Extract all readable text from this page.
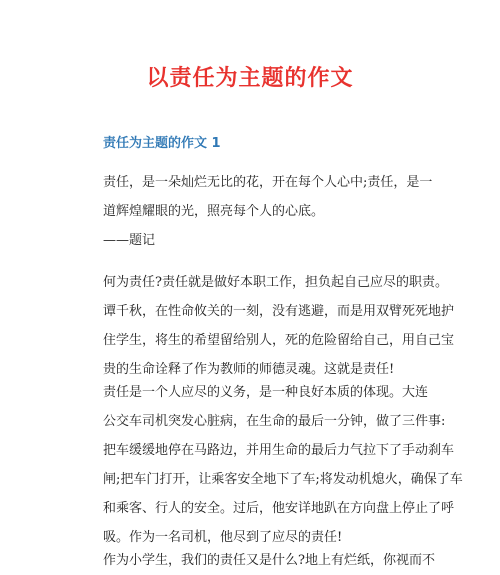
以责任为主题的作文
责任为主题的作文 1
责任，是一朵灿烂无比的花，开在每个人心中;责任，是一
道辉煌耀眼的光，照亮每个人的心底。
——题记
何为责任?责任就是做好本职工作，担负起自己应尽的职责。
谭千秋，在性命攸关的一刻，没有逃避，而是用双臂死死地护
住学生，将生的希望留给别人，死的危险留给自己，用自己宝
贵的生命诠释了作为教师的师德灵魂。这就是责任!
责任是一个人应尽的义务，是一种良好本质的体现。大连
公交车司机突发心脏病，在生命的最后一分钟，做了三件事:
把车缓缓地停在马路边，并用生命的最后力气拉下了手动刹车
闸;把车门打开，让乘客安全地下了车;将发动机熄火，确保了车
和乘客、行人的安全。过后，他安详地趴在方向盘上停止了呼
吸。作为一名司机，他尽到了应尽的责任!
作为小学生，我们的责任又是什么?地上有烂纸，你视而不
